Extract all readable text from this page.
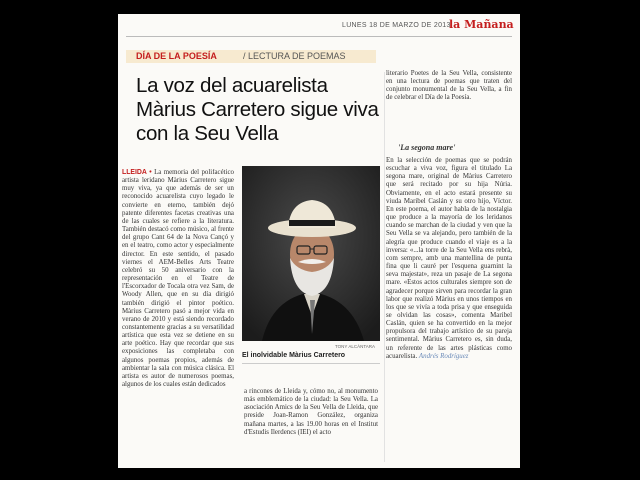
LUNES 18 DE MARZO DE 2013
la Mañana
DÍA DE LA POESÍA	/ LECTURA DE POEMAS
La voz del acuarelista Màrius Carretero sigue viva con la Seu Vella

LLEIDA • La memoria del polifacético artista leridano Màrius Carretero sigue muy viva, ya que además de ser un reconocido acuarelista cuyo legado le convierte en eterno, también dejó patente diferentes facetas creativas una de las cuales se refiere a la literatura. También destacó como músico, al frente del grupo Cant 64 de la Nova Cançó y en el teatro, como actor y especialmente director. En este sentido, el pasado viernes el AEM-Belles Arts Teatre celebró su 50 aniversario con la representación en el Teatre de l'Escorxador de Tocala otra vez Sam, de Woody Allen, que en su día dirigió también dirigió el pintor poético. Màrius Carretero pasó a mejor vida en verano de 2010 y está siendo recordado constantemente gracias a su versatilidad artística que esta vez se detiene en su arte poético. Hay que recordar que sus exposiciones las completaba con algunos poemas propios, además de ambientar la sala con música clásica. El artista es autor de numerosos poemas, algunos de los cuales están dedicados

TONY ALCÀNTARA
El inolvidable Màrius Carretero

a rincones de Lleida y, cómo no, al monumento más emblemático de la ciudad: la Seu Vella. La asociación Amics de la Seu Vella de Lleida, que preside Joan-Ramon González, organiza mañana martes, a las 19.00 horas en el Institut d'Estudis Ilerdencs (IEI) el acto

literario Poetes de la Seu Vella, consistente en una lectura de poemas que traten del conjunto monumental de la Seu Vella, a fin de celebrar el Día de la Poesía.

'La segona mare'

En la selección de poemas que se podrán escuchar a viva voz, figura el titulado La segona mare, original de Màrius Carretero que será recitado por su hija Núria. Obviamente, en el acto estará presente su viuda Maribel Caslán y su otro hijo, Víctor. En este poema, el autor habla de la nostalgia que produce a la mayoría de los leridanos cuando se marchan de la ciudad y ven que la Seu Vella se va alejando, pero también de la alegría que produce cuando el viaje es a la inversa: «...la torre de la Seu Vella ens rebrà, com sempre, amb una mantellina de punta fina que li cauré per l'esquena guarnint la seva majestat», reza un pasaje de La segona mare. «Estos actos culturales siempre son de agradecer porque sirven para recordar la gran labor que realizó Màrius en unos tiempos en los que se vivía a toda prisa y que enseguida se olvidan las cosas», comenta Maribel Caslán, quien se ha convertido en la mejor propulsora del trabajo artístico de su pareja sentimental. Màrius Carretero es, sin duda, un referente de las artes plásticas como acuarelista. Andrés Rodríguez
